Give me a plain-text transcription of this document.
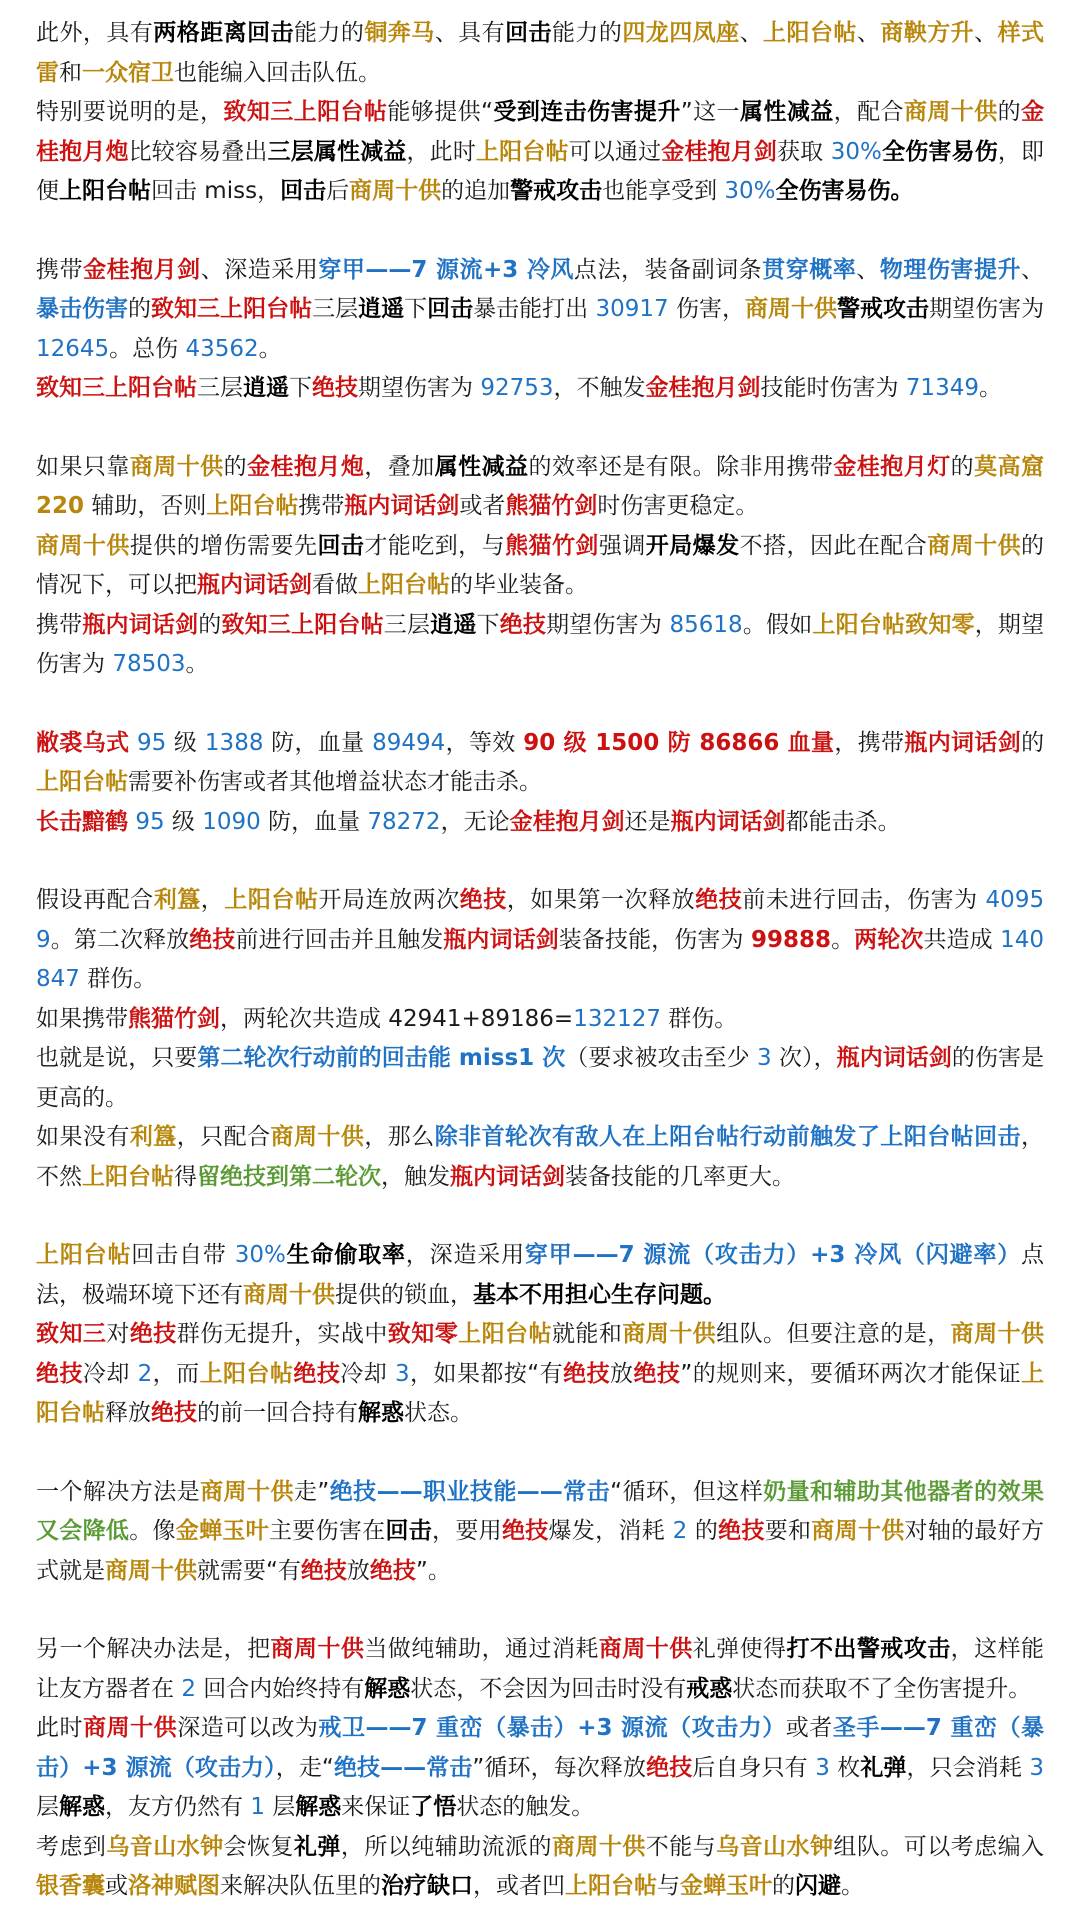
此外，具有两格距离回击能力的铜奔马、具有回击能力的四龙四凤座、上阳台帖、商鞅方升、样式雷和一众宿卫也能编入回击队伍。

特别要说明的是，致知三上阳台帖能够提供“受到连击伤害提升”这一属性减益，配合商周十供的金桂抱月炮比较容易叠出三层属性减益，此时上阳台帖可以通过金桂抱月剑获取 30%全伤害易伤，即便上阳台帖回击 miss，回击后商周十供的追加警戒攻击也能享受到 30%全伤害易伤。

携带金桂抱月剑、深造采用穿甲——7 源流+3 冷风点法，装备副词条贯穿概率、物理伤害提升、暴击伤害的致知三上阳台帖三层逍遥下回击暴击能打出 30917 伤害，商周十供警戒攻击期望伤害为 12645。总伤 43562。

致知三上阳台帖三层逍遥下绝技期望伤害为 92753，不触发金桂抱月剑技能时伤害为 71349。

如果只靠商周十供的金桂抱月炮，叠加属性减益的效率还是有限。除非用携带金桂抱月灯的莫高窟 220 辅助，否则上阳台帖携带瓶内词话剑或者熊猫竹剑时伤害更稳定。

商周十供提供的增伤需要先回击才能吃到，与熊猫竹剑强调开局爆发不搭，因此在配合商周十供的情况下，可以把瓶内词话剑看做上阳台帖的毕业装备。

携带瓶内词话剑的致知三上阳台帖三层逍遥下绝技期望伤害为 85618。假如上阳台帖致知零，期望伤害为 78503。

敝裘乌式 95 级 1388 防，血量 89494，等效 90 级 1500 防 86866 血量，携带瓶内词话剑的上阳台帖需要补伤害或者其他增益状态才能击杀。

长击黯鹤 95 级 1090 防，血量 78272，无论金桂抱月剑还是瓶内词话剑都能击杀。

假设再配合利簋，上阳台帖开局连放两次绝技，如果第一次释放绝技前未进行回击，伤害为 40959。第二次释放绝技前进行回击并且触发瓶内词话剑装备技能，伤害为 99888。两轮次共造成 140847 群伤。

如果携带熊猫竹剑，两轮次共造成 42941+89186=132127 群伤。

也就是说，只要第二轮次行动前的回击能 miss1 次（要求被攻击至少 3 次），瓶内词话剑的伤害是更高的。

如果没有利簋，只配合商周十供，那么除非首轮次有敌人在上阳台帖行动前触发了上阳台帖回击，不然上阳台帖得留绝技到第二轮次，触发瓶内词话剑装备技能的几率更大。

上阳台帖回击自带 30%生命偷取率，深造采用穿甲——7 源流（攻击力）+3 冷风（闪避率）点法，极端环境下还有商周十供提供的锁血，基本不用担心生存问题。

致知三对绝技群伤无提升，实战中致知零上阳台帖就能和商周十供组队。但要注意的是，商周十供绝技冷却 2，而上阳台帖绝技冷却 3，如果都按“有绝技放绝技”的规则来，要循环两次才能保证上阳台帖释放绝技的前一回合持有解惑状态。

一个解决方法是商周十供走”绝技——职业技能——常击“循环，但这样奶量和辅助其他器者的效果又会降低。像金蝉玉叶主要伤害在回击，要用绝技爆发，消耗 2 的绝技要和商周十供对轴的最好方式就是商周十供就需要“有绝技放绝技”。

另一个解决办法是，把商周十供当做纯辅助，通过消耗商周十供礼弹使得打不出警戒攻击，这样能让友方器者在 2 回合内始终持有解惑状态，不会因为回击时没有戒惑状态而获取不了全伤害提升。

此时商周十供深造可以改为戒卫——7 重峦（暴击）+3 源流（攻击力）或者圣手——7 重峦（暴击）+3 源流（攻击力），走“绝技——常击”循环，每次释放绝技后自身只有 3 枚礼弹，只会消耗 3 层解惑，友方仍然有 1 层解惑来保证了悟状态的触发。

考虑到乌音山水钟会恢复礼弹，所以纯辅助流派的商周十供不能与乌音山水钟组队。可以考虑编入银香囊或洛神赋图来解决队伍里的治疗缺口，或者凹上阳台帖与金蝉玉叶的闪避。
